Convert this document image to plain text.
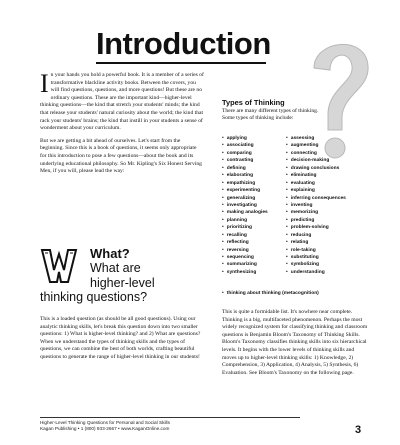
Introduction

In your hands you hold a powerful book. It is a member of a series of transformative blackline activity books. Between the covers, you will find questions, questions, and more questions! But these are no ordinary questions. These are the important kind—higher-level thinking questions—the kind that stretch your students' minds; the kind that release your students' natural curiosity about the world; the kind that rack your students' brains; the kind that instill in your students a sense of wonderment about your curriculum.

But we are getting a bit ahead of ourselves. Let's start from the beginning. Since this is a book of questions, it seems only appropriate for this introduction to pose a few questions—about the book and its underlying educational philosophy. So Mr. Kipling's Six Honest Serving Men, if you will, please lead the way:

What?
What are
higher-level
thinking questions?
This is a loaded question (as should be all good questions). Using our analytic thinking skills, let's break this question down into two smaller questions: 1) What is higher-level thinking? and 2) What are questions? When we understand the types of thinking skills and the types of questions, we can combine the best of both worlds, crafting beautiful questions to generate the range of higher-level thinking in our students!
Types of Thinking
There are many different types of thinking. Some types of thinking include:
• applying
• associating
• comparing
• contrasting
• defining
• elaborating
• empathizing
• experimenting
• generalizing
• investigating
• making analogies
• planning
• prioritizing
• recalling
• reflecting
• reversing
• sequencing
• summarizing
• synthesizing
• assessing
• augmenting
• connecting
• decision-making
• drawing conclusions
• eliminating
• evaluating
• explaining
• inferring consequences
• inventing
• memorizing
• predicting
• problem-solving
• reducing
• relating
• role-taking
• substituting
• symbolizing
• understanding
• thinking about thinking (metacognition)
This is quite a formidable list. It's nowhere near complete. Thinking is a big, multifaceted phenomenon. Perhaps the most widely recognized system for classifying thinking and classroom questions is Benjamin Bloom's Taxonomy of Thinking Skills. Bloom's Taxonomy classifies thinking skills into six hierarchical levels. It begins with the lower levels of thinking skills and moves up to higher-level thinking skills: 1) Knowledge, 2) Comprehension, 3) Application, 4) Analysis, 5) Synthesis, 6) Evaluation. See Bloom's Taxonomy on the following page.
Higher-Level Thinking Questions for Personal and Social Skills
Kagan Publishing • 1 (800) 933-2667 • www.KaganOnline.com	3
